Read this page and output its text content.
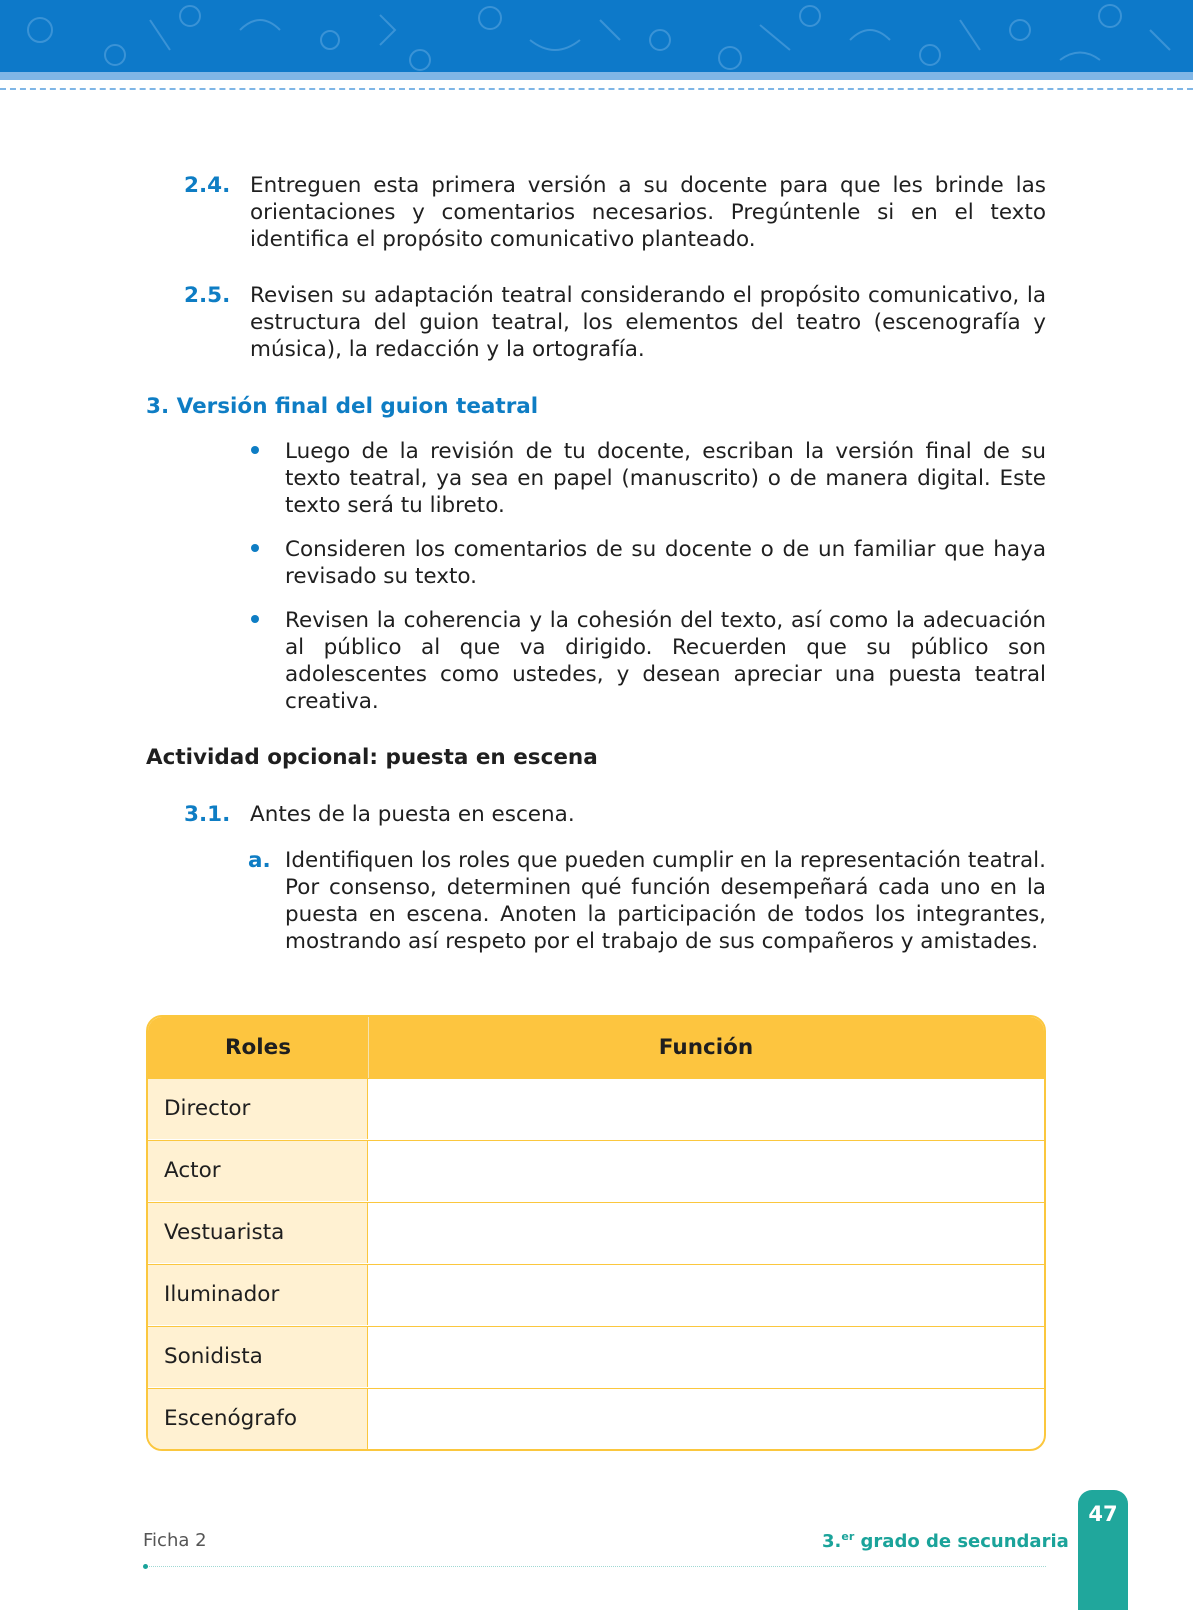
2.4. Entreguen esta primera versión a su docente para que les brinde las orientaciones y comentarios necesarios. Pregúntenle si en el texto identifica el propósito comunicativo planteado.
2.5. Revisen su adaptación teatral considerando el propósito comunicativo, la estructura del guion teatral, los elementos del teatro (escenografía y música), la redacción y la ortografía.
3. Versión final del guion teatral
Luego de la revisión de tu docente, escriban la versión final de su texto teatral, ya sea en papel (manuscrito) o de manera digital. Este texto será tu libreto.
Consideren los comentarios de su docente o de un familiar que haya revisado su texto.
Revisen la coherencia y la cohesión del texto, así como la adecuación al público al que va dirigido. Recuerden que su público son adolescentes como ustedes, y desean apreciar una puesta teatral creativa.
Actividad opcional: puesta en escena
3.1. Antes de la puesta en escena.
a. Identifiquen los roles que pueden cumplir en la representación teatral. Por consenso, determinen qué función desempeñará cada uno en la puesta en escena. Anoten la participación de todos los integrantes, mostrando así respeto por el trabajo de sus compañeros y amistades.
Roles	Función
Director
Actor
Vestuarista
Iluminador
Sonidista
Escenógrafo
Ficha 2	3.$^{er}$ grado de secundaria
47
